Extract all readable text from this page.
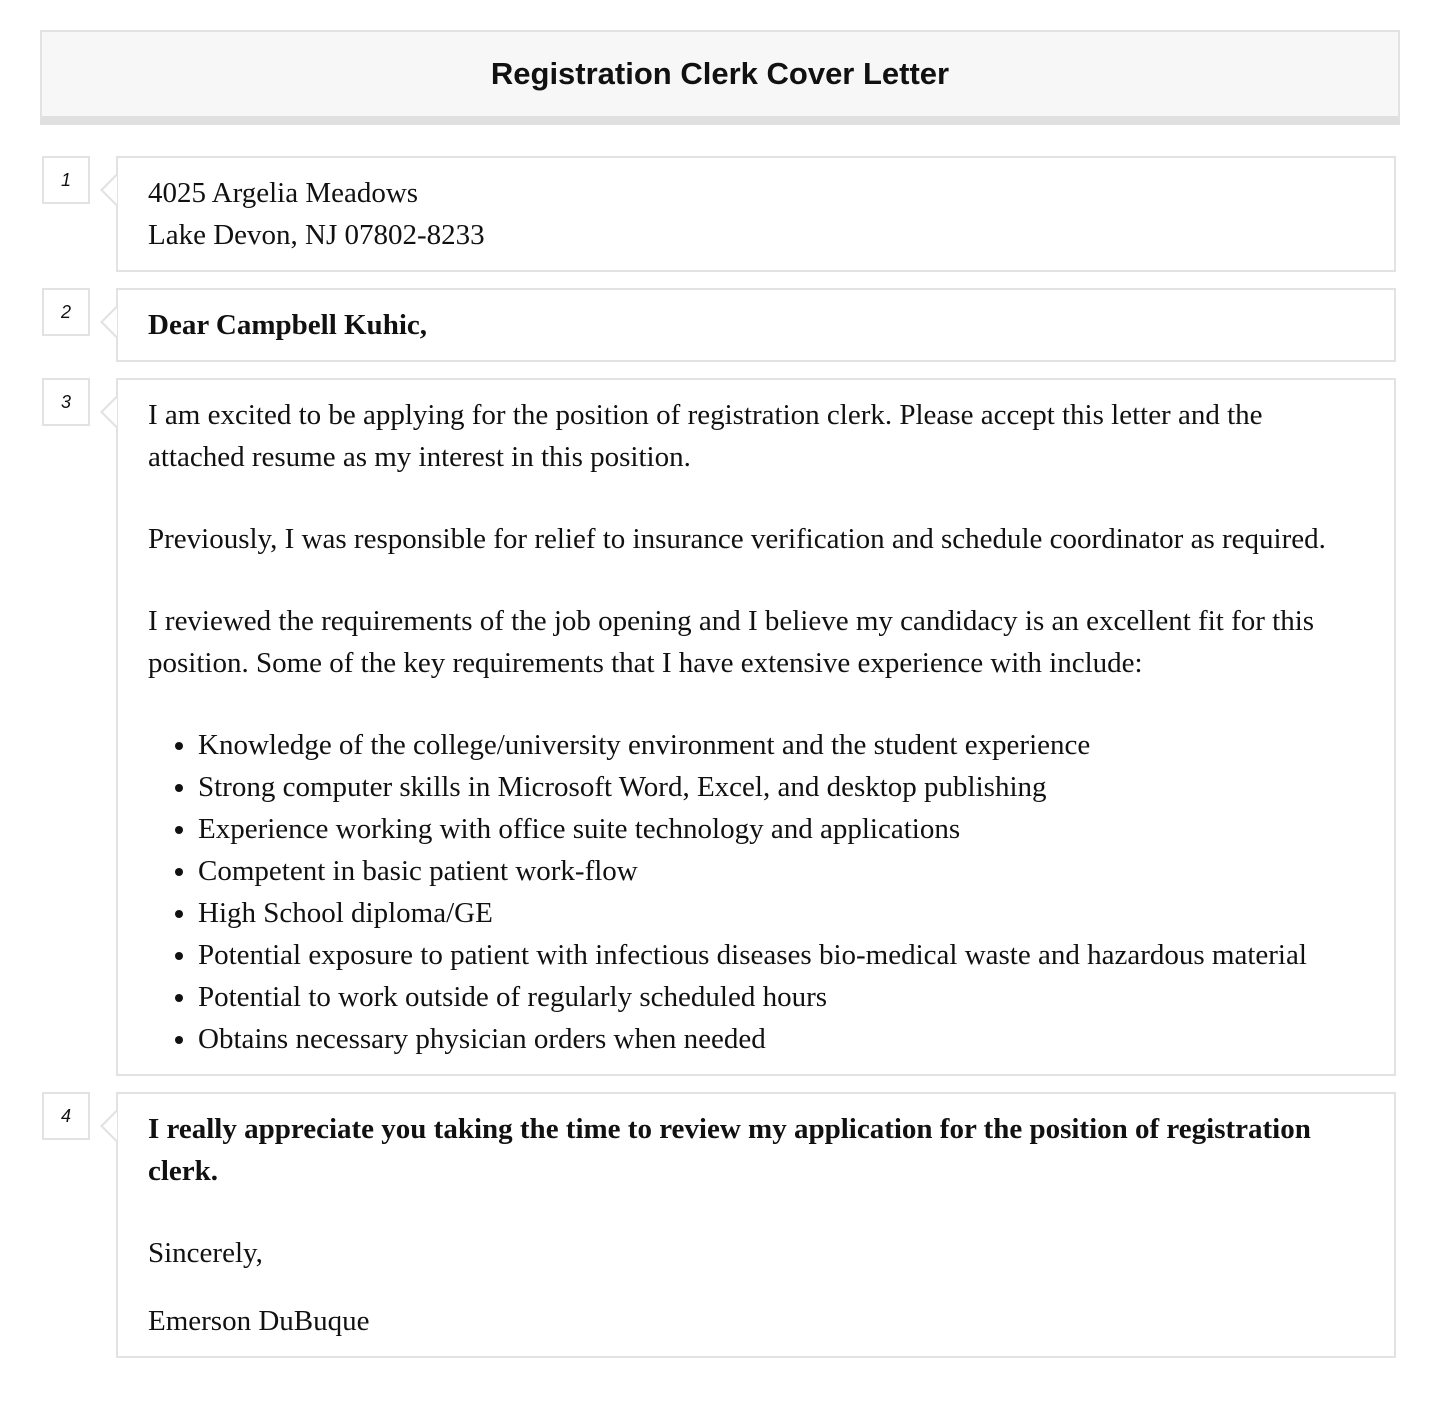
Registration Clerk Cover Letter
1	4025 Argelia Meadows

Lake Devon, NJ 07802-8233

2	Dear Campbell Kuhic,

3	I am excited to be applying for the position of registration clerk. Please accept this letter and the attached resume as my interest in this position.

Previously, I was responsible for relief to insurance verification and schedule coordinator as required.

I reviewed the requirements of the job opening and I believe my candidacy is an excellent fit for this position. Some of the key requirements that I have extensive experience with include:

• Knowledge of the college/university environment and the student experience
• Strong computer skills in Microsoft Word, Excel, and desktop publishing
• Experience working with office suite technology and applications
• Competent in basic patient work-flow
• High School diploma/GE
• Potential exposure to patient with infectious diseases bio-medical waste and hazardous material
• Potential to work outside of regularly scheduled hours
• Obtains necessary physician orders when needed
4	I really appreciate you taking the time to review my application for the position of registration clerk.

Sincerely,

Emerson DuBuque
